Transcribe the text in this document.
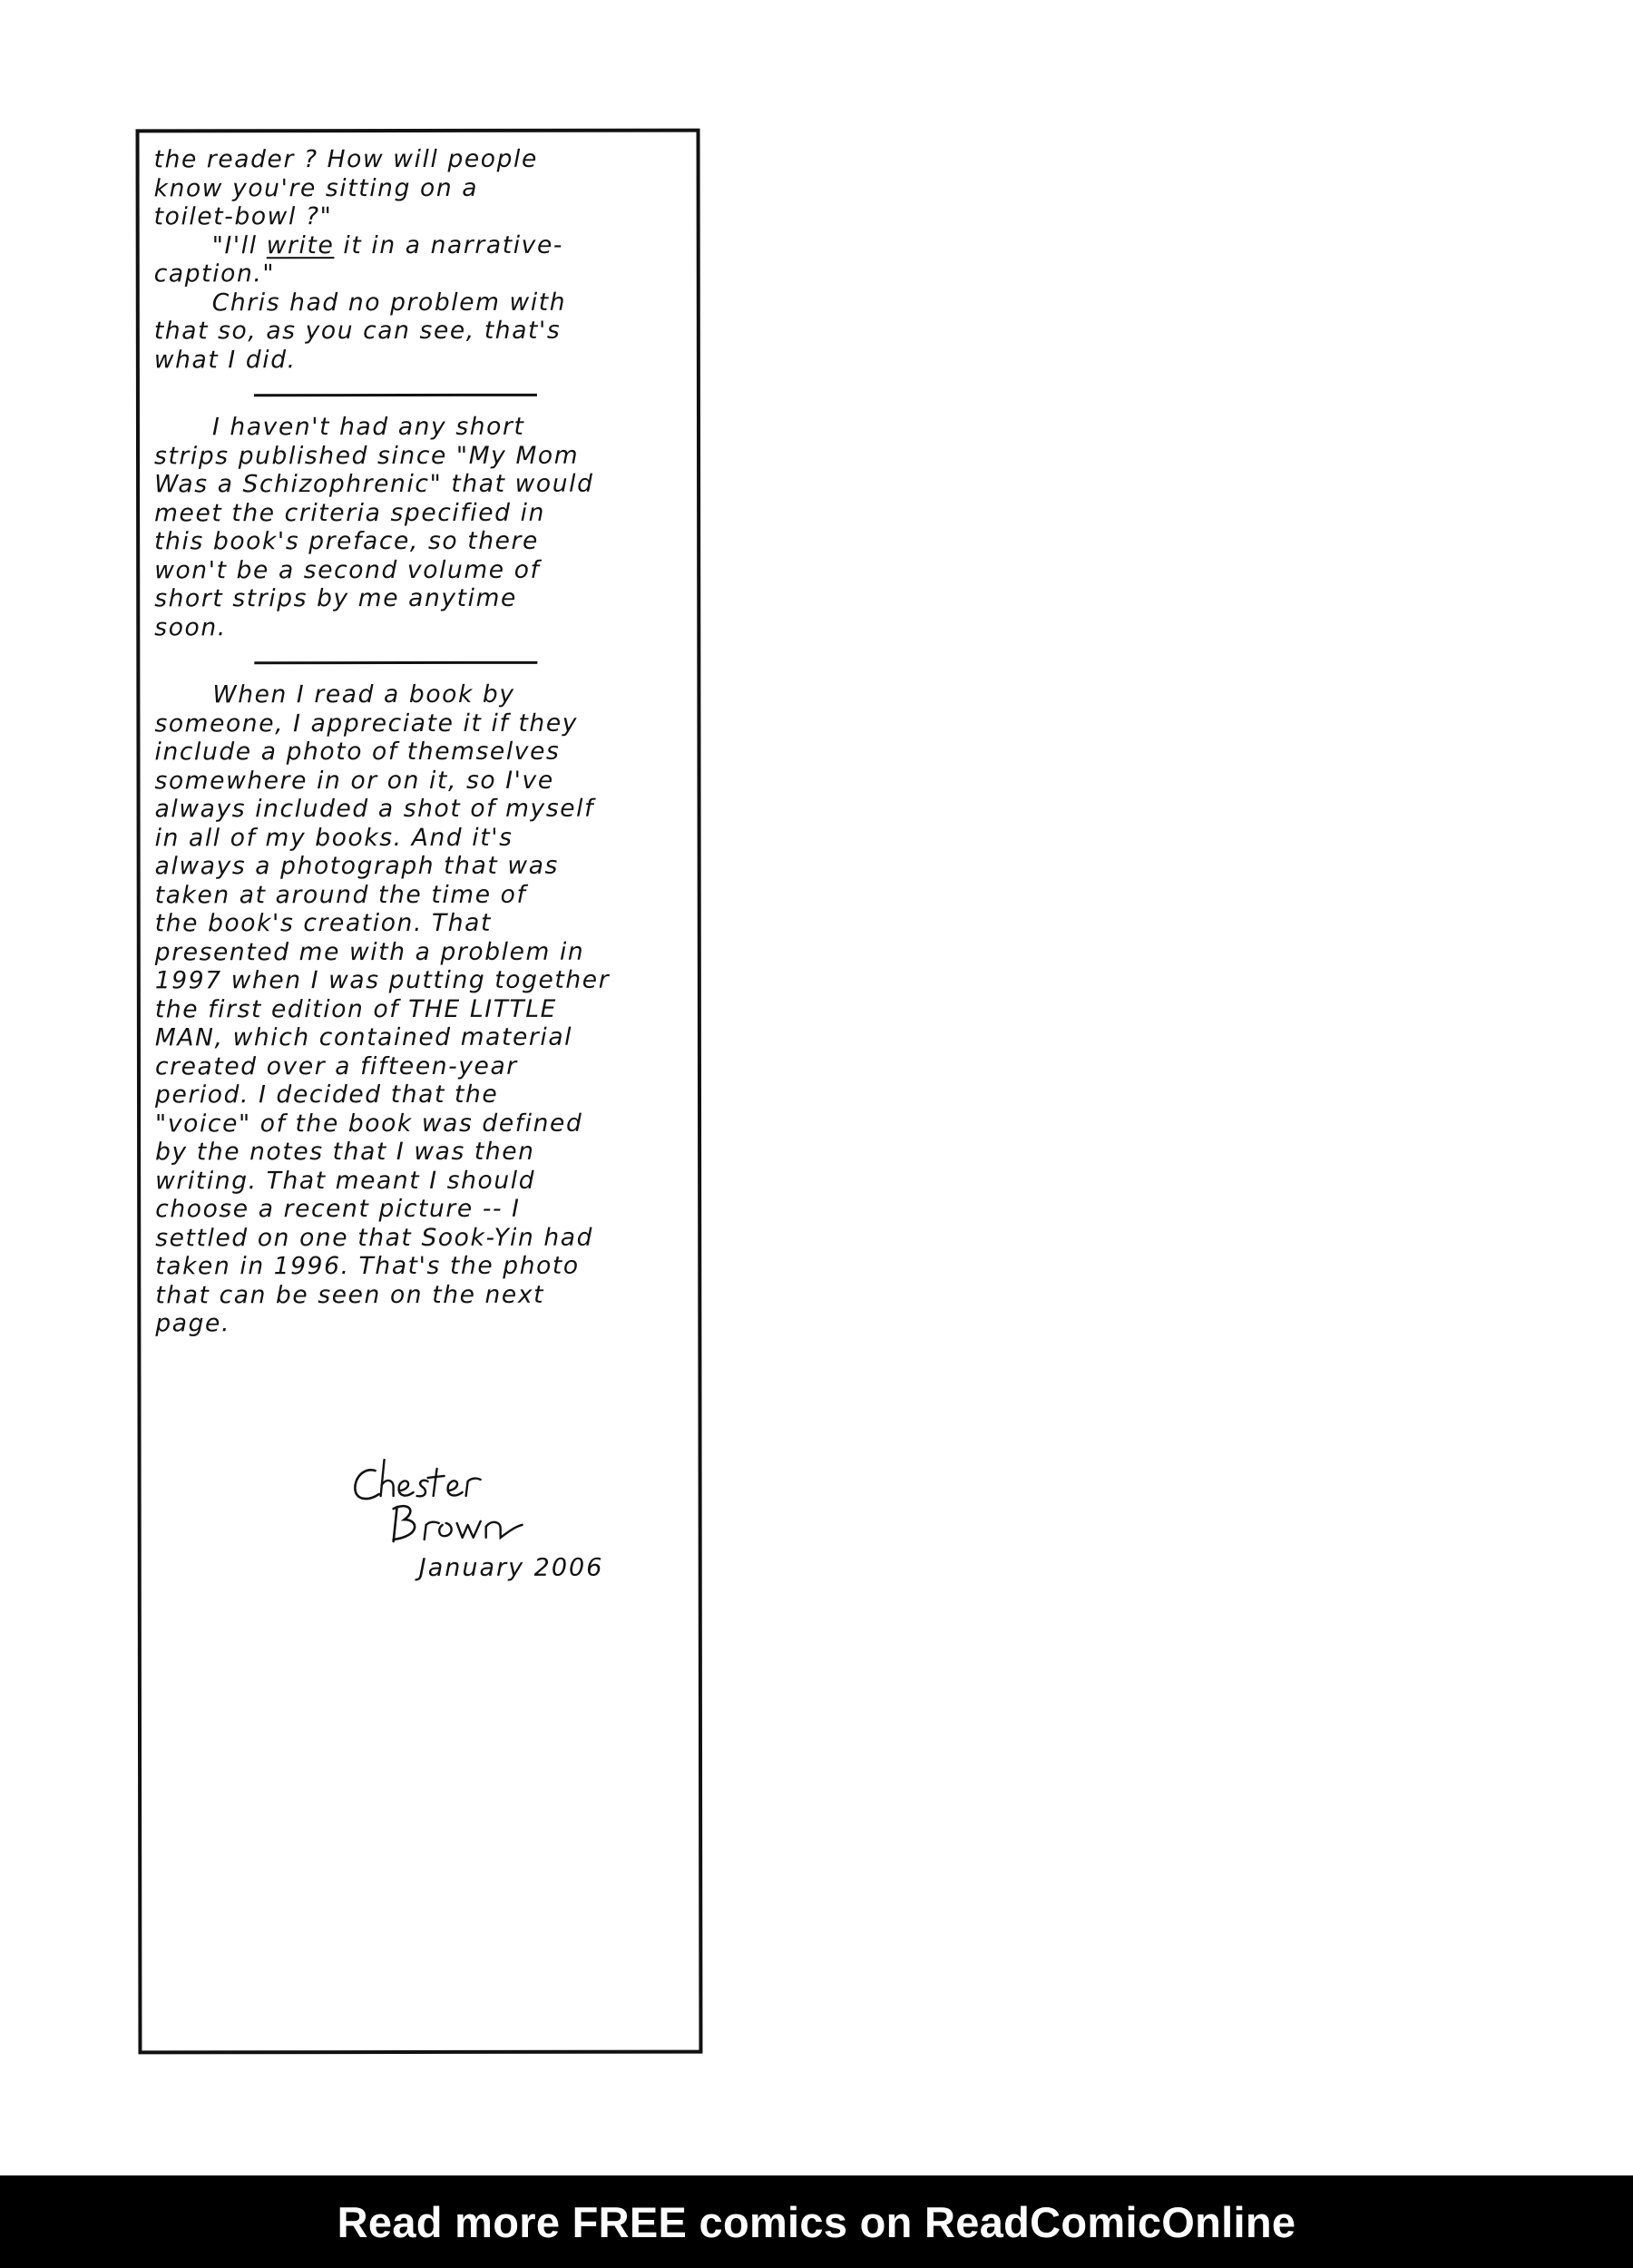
the reader ? How will people
know you're sitting on a
toilet-bowl ?"

"I'll write it in a narrative-
caption."

Chris had no problem with
that so, as you can see, that's
what I did.

I haven't had any short
strips published since "My Mom
Was a Schizophrenic" that would
meet the criteria specified in
this book's preface, so there
won't be a second volume of
short strips by me anytime
soon.

When I read a book by
someone, I appreciate it if they
include a photo of themselves
somewhere in or on it, so I've
always included a shot of myself
in all of my books. And it's
always a photograph that was
taken at around the time of
the book's creation. That
presented me with a problem in
1997 when I was putting together
the first edition of THE LITTLE
MAN, which contained material
created over a fifteen-year
period. I decided that the
"voice" of the book was defined
by the notes that I was then
writing. That meant I should
choose a recent picture -- I
settled on one that Sook-Yin had
taken in 1996. That's the photo
that can be seen on the next
page.

January 2006
Read more FREE comics on ReadComicOnline
